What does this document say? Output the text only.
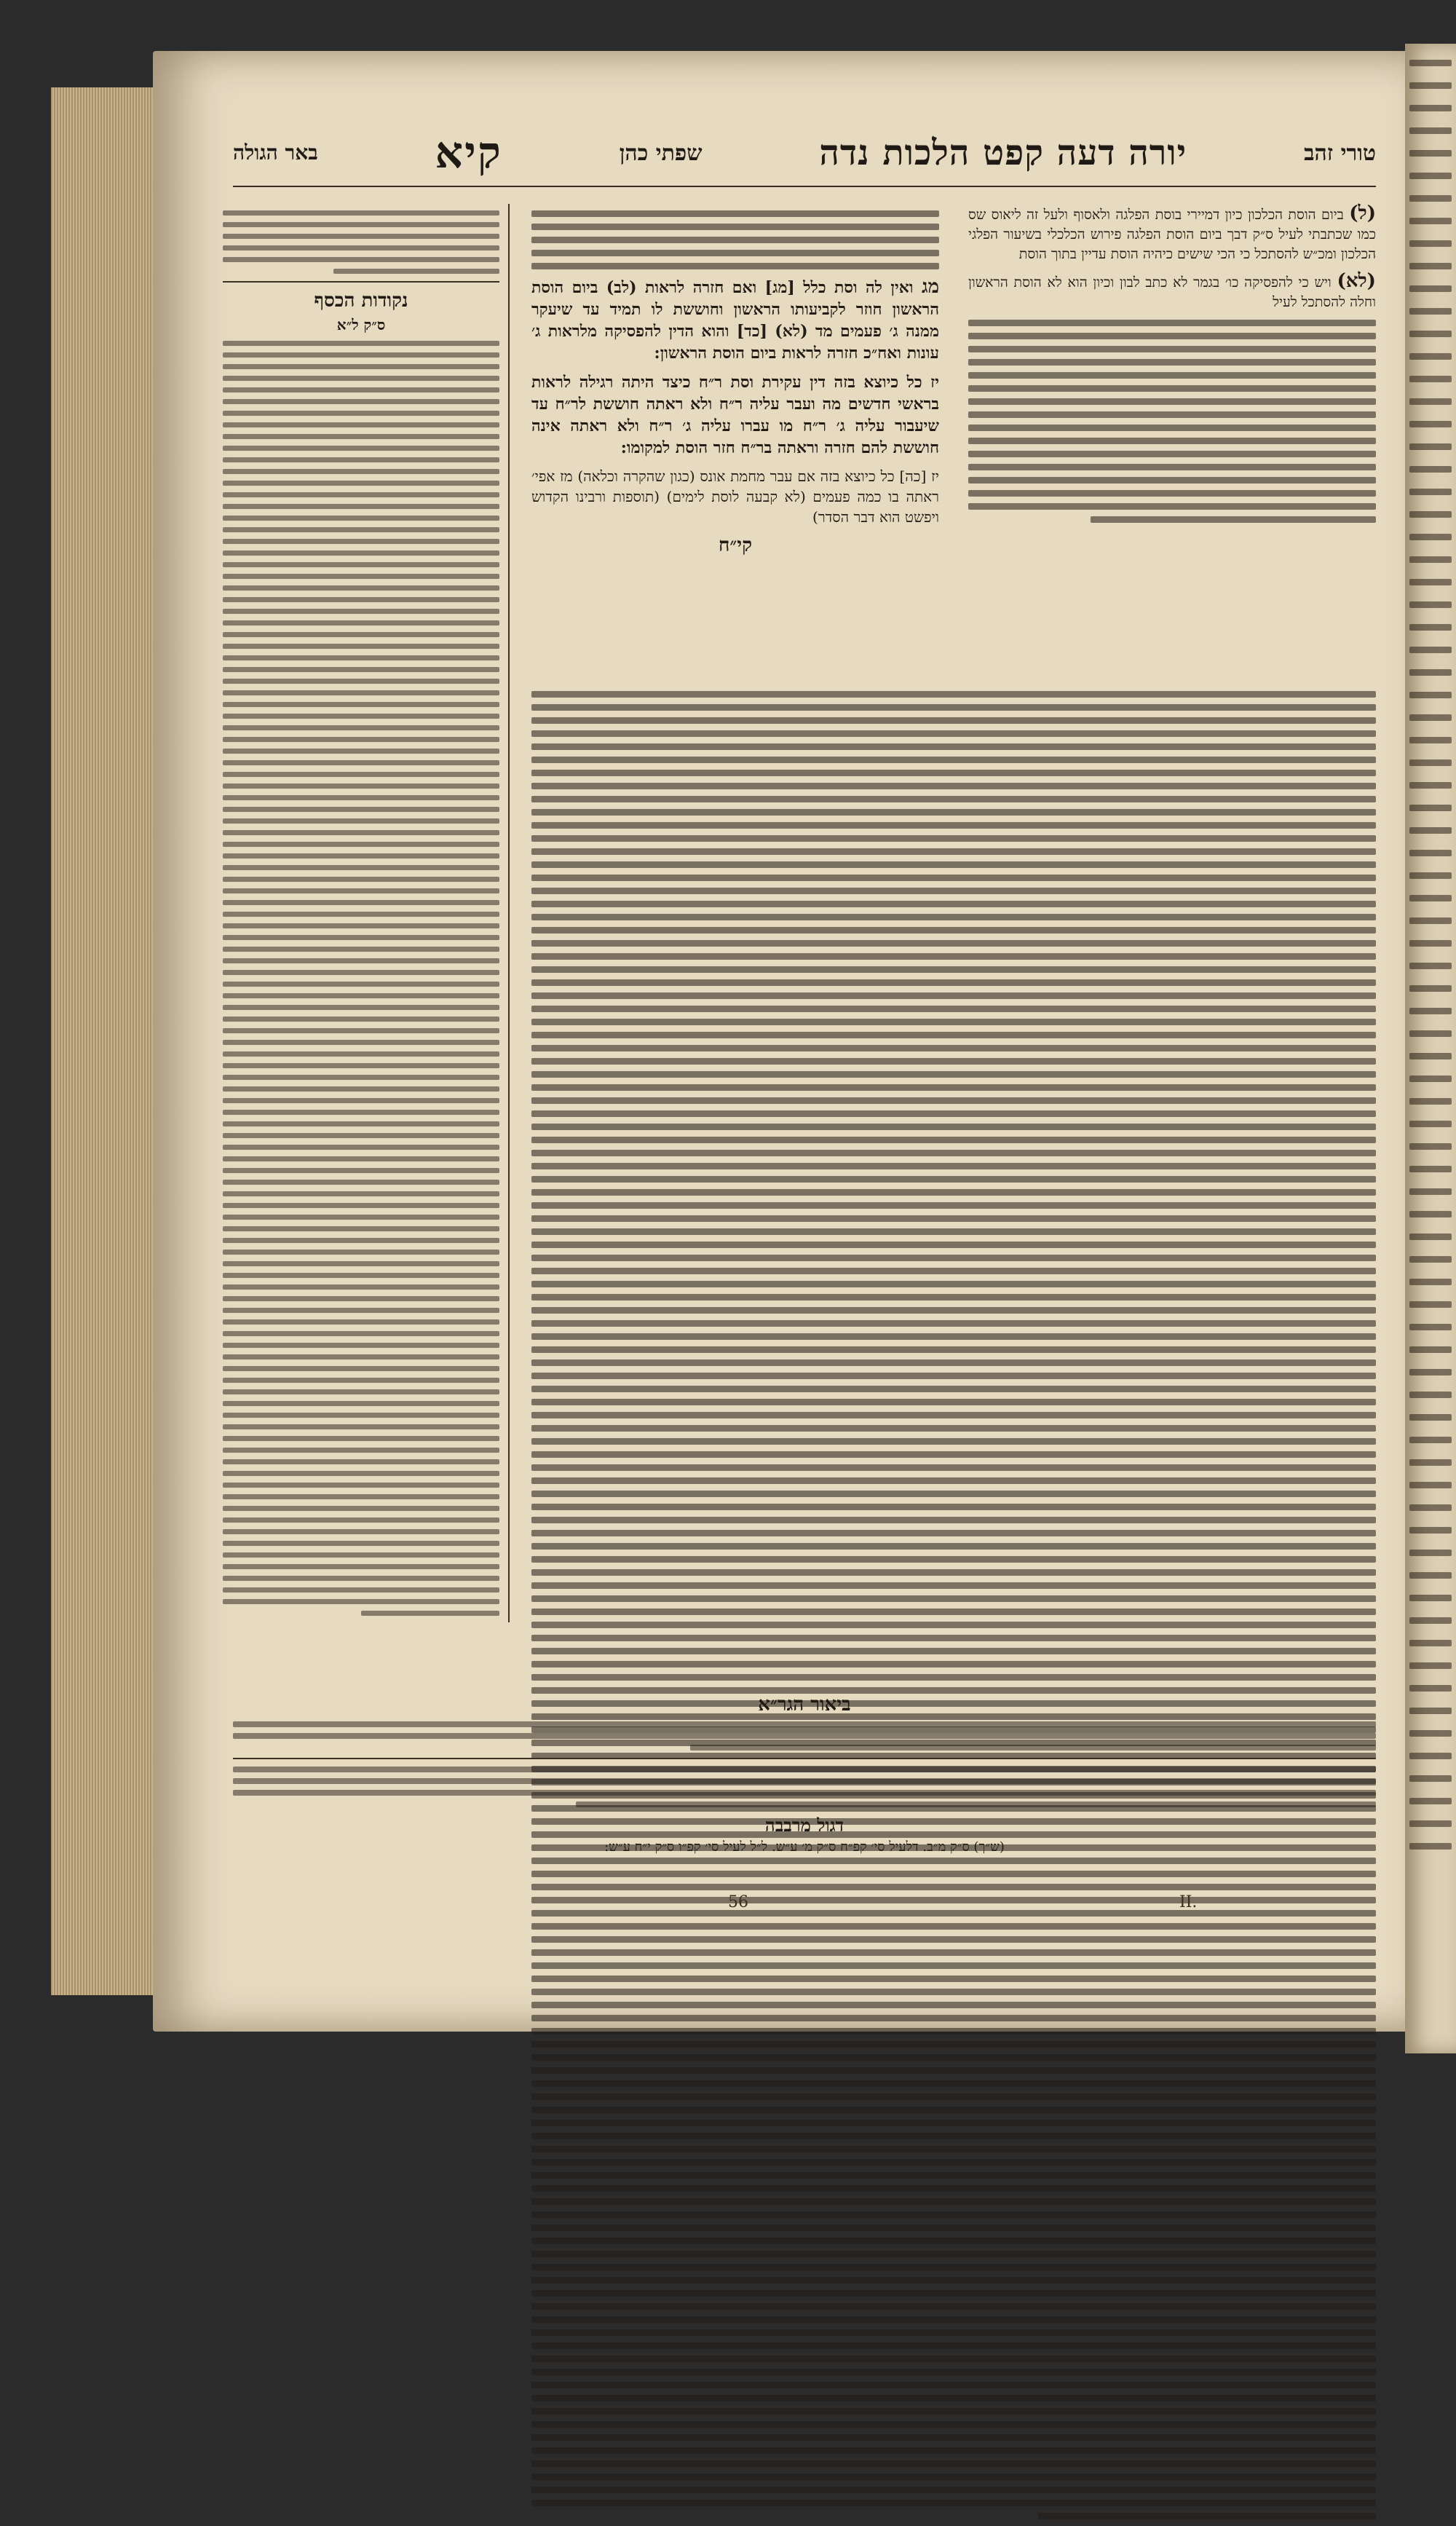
טורי זהב
יורה דעה קפט הלכות נדה
שפתי כהן
קיא
באר הגולה

(ל) ביום הוסת הכלכון כיון דמיירי בוסת הפלגה ולאסוף ולעל זה ליאוס שס כמו שכתבתי לעיל ס״ק דבך ביום הוסת הפלגה פירוש הכלכלי בשיעור הפלגי הכלכון ומכ״ש להסתכל כי הכי שישים כיהיה הוסת עדיין בתוך הוסת

(לא) ויש כי להפסיקה כו׳ בגמר לא כתב לבון וכיון הוא לא הוסת הראשון וחלה להסתכל לעיל

מג ואין לה וסת כלל [מג] ואם חזרה לראות (לב) ביום הוסת הראשון חוזר לקביעותו הראשון וחוששת לו תמיד עד שיעקר ממנה ג׳ פעמים מד (לא) [כד] והוא הדין להפסיקה מלראות ג׳ עונות ואח״כ חזרה לראות ביום הוסת הראשון:

יז כל כיוצא בזה דין עקירת וסת ר״ח כיצד היתה רגילה לראות בראשי חדשים מה ועבר עליה ר״ח ולא ראתה חוששת לר״ח עד שיעבור עליה ג׳ ר״ח מו עברו עליה ג׳ ר״ח ולא ראתה אינה חוששת להם חזרה וראתה בר״ח חזר הוסת למקומו:

יז [כה] כל כיוצא בזה אם עבר מחמת אונס (כגון שהקרה וכלאה) מז אפי׳ ראתה בו כמה פעמים (לא קבעה לוסת לימים) (תוספות ורבינו הקדוש ויפשט הוא דבר הסדר)

קי״ח
נקודות הכסף
ס״ק ל״א
ביאור הגר״א
דגול מרבבה
(ש״ך) ס״ק מ״ב. דלעיל סי׳ קפ״ח ס״ק מ׳ ע״ש. ל״ל לעיל סי׳ קפ״ו ס״ק י״ח ע״ש:
56	II.
